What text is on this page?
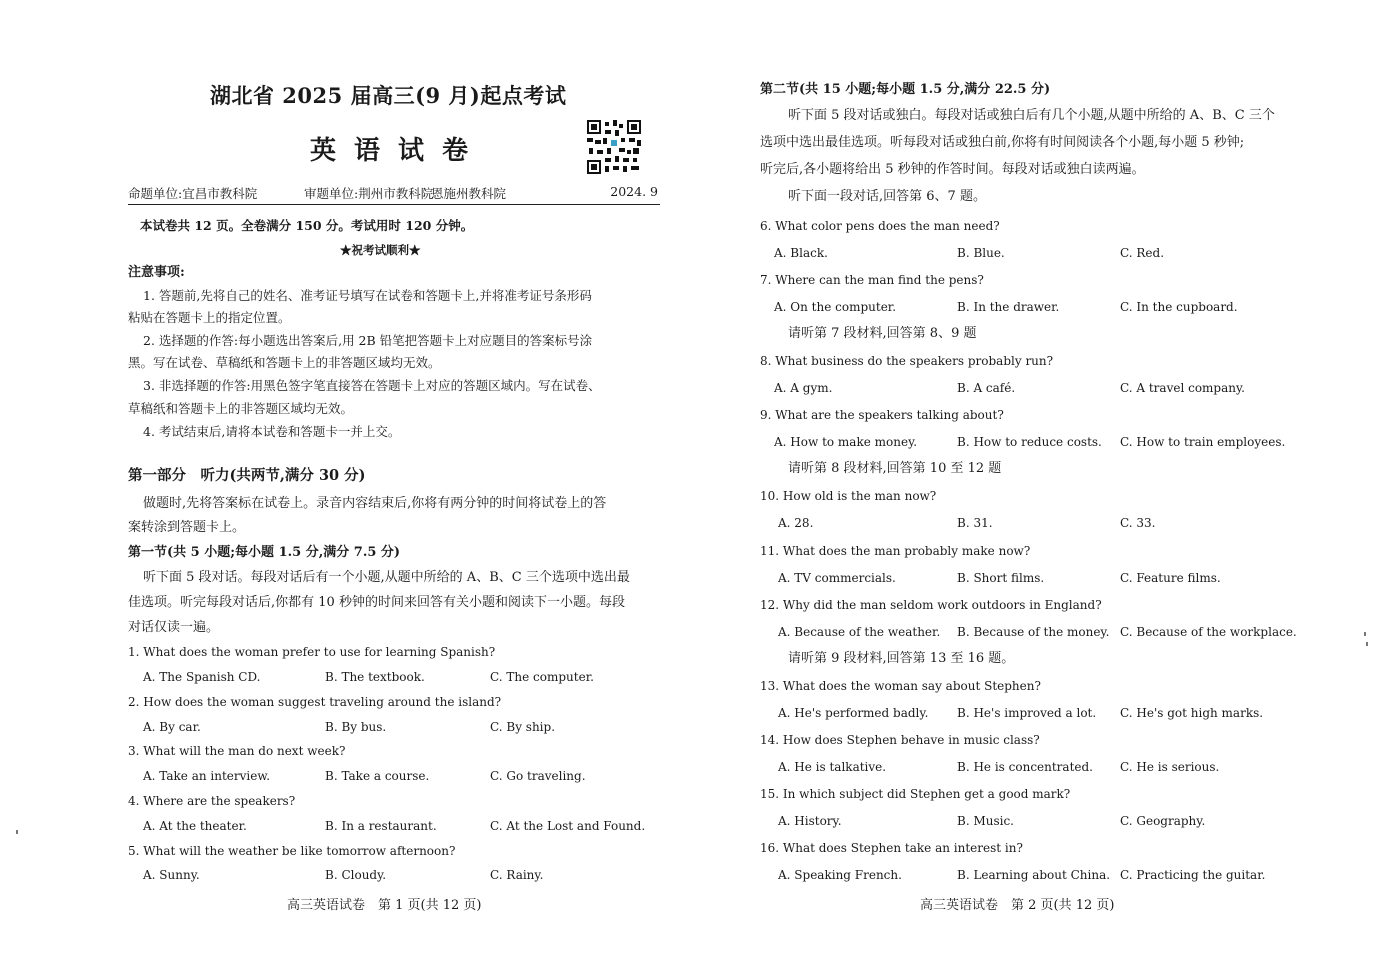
湖北省 2025 届高三(9 月)起点考试
英语试卷
命题单位:宜昌市教科院	审题单位:荆州市教科院
恩施州教科院	2024. 9
本试卷共 12 页。全卷满分 150 分。考试用时 120 分钟。
★祝考试顺利★
注意事项:
1. 答题前,先将自己的姓名、准考证号填写在试卷和答题卡上,并将准考证号条形码
粘贴在答题卡上的指定位置。
2. 选择题的作答:每小题选出答案后,用 2B 铅笔把答题卡上对应题目的答案标号涂
黑。写在试卷、草稿纸和答题卡上的非答题区域均无效。
3. 非选择题的作答:用黑色签字笔直接答在答题卡上对应的答题区域内。写在试卷、
草稿纸和答题卡上的非答题区域均无效。
4. 考试结束后,请将本试卷和答题卡一并上交。
第一部分　听力(共两节,满分 30 分)
做题时,先将答案标在试卷上。录音内容结束后,你将有两分钟的时间将试卷上的答
案转涂到答题卡上。
第一节(共 5 小题;每小题 1.5 分,满分 7.5 分)
听下面 5 段对话。每段对话后有一个小题,从题中所给的 A、B、C 三个选项中选出最
佳选项。听完每段对话后,你都有 10 秒钟的时间来回答有关小题和阅读下一小题。每段
对话仅读一遍。
1. What does the woman prefer to use for learning Spanish?
A. The Spanish CD.	B. The textbook.	C. The computer.
2. How does the woman suggest traveling around the island?
A. By car.	B. By bus.	C. By ship.
3. What will the man do next week?
A. Take an interview.	B. Take a course.	C. Go traveling.
4. Where are the speakers?
A. At the theater.	B. In a restaurant.	C. At the Lost and Found.
5. What will the weather be like tomorrow afternoon?
A. Sunny.	B. Cloudy.	C. Rainy.
高三英语试卷　第 1 页(共 12 页)
第二节(共 15 小题;每小题 1.5 分,满分 22.5 分)
听下面 5 段对话或独白。每段对话或独白后有几个小题,从题中所给的 A、B、C 三个
选项中选出最佳选项。听每段对话或独白前,你将有时间阅读各个小题,每小题 5 秒钟;
听完后,各小题将给出 5 秒钟的作答时间。每段对话或独白读两遍。
听下面一段对话,回答第 6、7 题。
6. What color pens does the man need?
A. Black.	B. Blue.	C. Red.
7. Where can the man find the pens?
A. On the computer.	B. In the drawer.	C. In the cupboard.
请听第 7 段材料,回答第 8、9 题
8. What business do the speakers probably run?
A. A gym.	B. A café.	C. A travel company.
9. What are the speakers talking about?
A. How to make money.	B. How to reduce costs. C. How to train employees.
请听第 8 段材料,回答第 10 至 12 题
10. How old is the man now?
A. 28.	B. 31.	C. 33.
11. What does the man probably make now?
A. TV commercials.	B. Short films.	C. Feature films.
12. Why did the man seldom work outdoors in England?
A. Because of the weather. B. Because of the money. C. Because of the workplace.
请听第 9 段材料,回答第 13 至 16 题。
13. What does the woman say about Stephen?
A. He's performed badly. B. He's improved a lot. C. He's got high marks.
14. How does Stephen behave in music class?
A. He is talkative.	B. He is concentrated. C. He is serious.
15. In which subject did Stephen get a good mark?
A. History.	B. Music.	C. Geography.
16. What does Stephen take an interest in?
A. Speaking French.	B. Learning about China. C. Practicing the guitar.
高三英语试卷　第 2 页(共 12 页)
